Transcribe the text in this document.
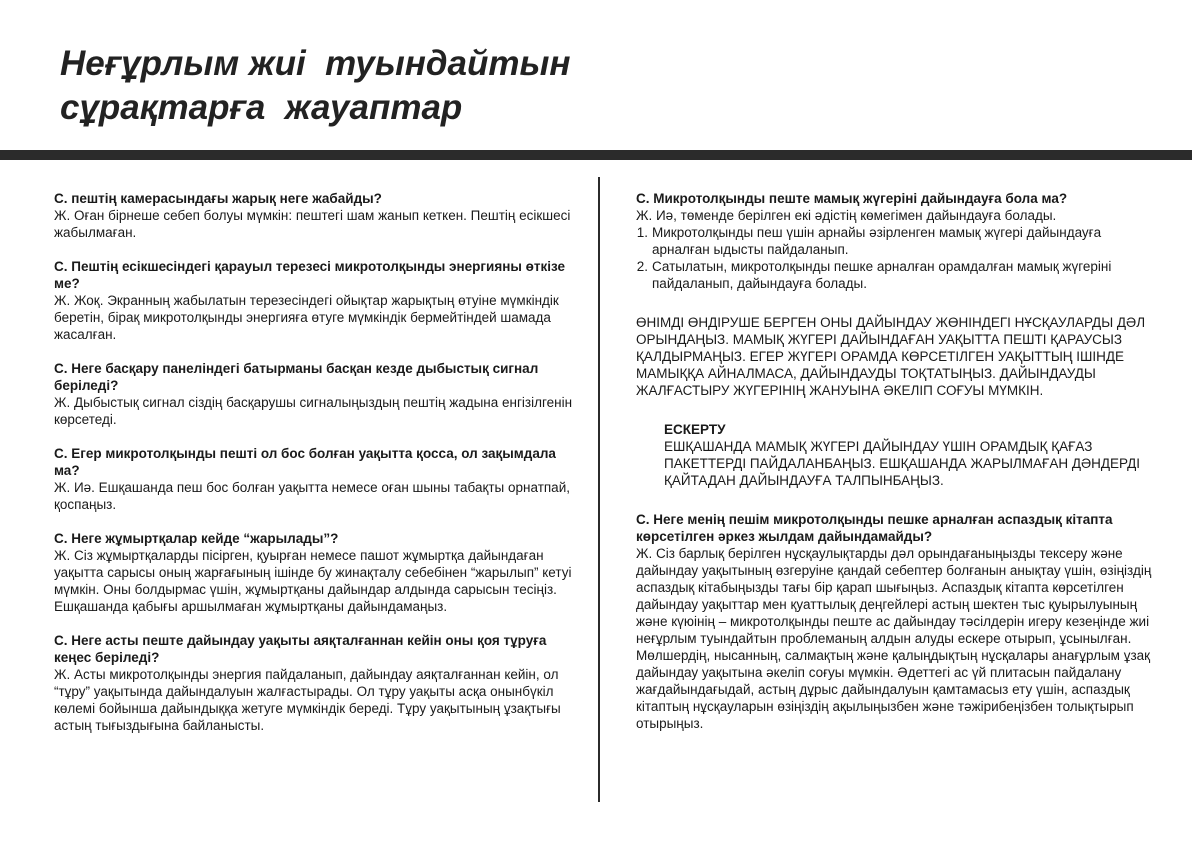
Неғұрлым жиі  туындайтын
сұрақтарға  жауаптар

С. пештің камерасындағы жарық неге жабайды?

Ж. Оған бірнеше себеп болуы мүмкін: пештегі шам жанып кеткен. Пештің есікшесі жабылмаған.

С. Пештің есікшесіндегі қарауыл терезесі микротолқынды энергияны өткізе ме?

Ж. Жоқ. Экранның жабылатын терезесіндегі ойықтар жарықтың өтуіне мүмкіндік беретін, бірақ микротолқынды энергияға өтуге мүмкіндік бермейтіндей шамада жасалған.

С. Неге басқару панеліндегі батырманы басқан кезде дыбыстық сигнал беріледі?

Ж. Дыбыстық сигнал сіздің басқарушы сигналыңыздың пештің жадына енгізілгенін көрсетеді.

С. Егер микротолқынды пешті ол бос болған уақытта қосса, ол зақымдала ма?

Ж. Иә. Ешқашанда пеш бос болған уақытта немесе оған шыны табақты орнатпай, қоспаңыз.

С. Неге жұмыртқалар кейде “жарылады”?

Ж. Сіз жұмыртқаларды пісірген, қуырған немесе пашот жұмыртқа дайындаған уақытта сарысы оның жарғағының ішінде бу жинақталу себебінен “жарылып” кетуі мүмкін. Оны болдырмас үшін, жұмыртқаны дайындар алдында сарысын тесіңіз. Ешқашанда қабығы аршылмаған жұмыртқаны дайындамаңыз.

С. Неге асты пеште дайындау уақыты аяқталғаннан кейін оны қоя тұруға кеңес беріледі?

Ж. Асты микротолқынды энергия пайдаланып, дайындау аяқталғаннан кейін, ол “тұру” уақытында дайындалуын жалғастырады. Ол тұру уақыты асқа онынбүкіл көлемі бойынша дайындыққа жетуге мүмкіндік береді. Тұру уақытының ұзақтығы астың тығыздығына байланысты.

С. Микротолқынды пеште мамық жүгеріні дайындауға бола ма?

Ж. Иә, төменде берілген екі әдістің көмегімен дайындауға болады.

1. Микротолқынды пеш үшін арнайы әзірленген мамық жүгері дайындауға арналған ыдысты пайдаланып.
2. Сатылатын, микротолқынды пешке арналған орамдалған мамық жүгеріні пайдаланып, дайындауға болады.

ӨНІМДІ ӨНДІРУШЕ БЕРГЕН ОНЫ ДАЙЫНДАУ ЖӨНІНДЕГІ НҰСҚАУЛАРДЫ ДӘЛ ОРЫНДАҢЫЗ. МАМЫҚ ЖҮГЕРІ ДАЙЫНДАҒАН УАҚЫТТА ПЕШТІ ҚАРАУСЫЗ ҚАЛДЫРМАҢЫЗ. ЕГЕР ЖҮГЕРІ ОРАМДА КӨРСЕТІЛГЕН УАҚЫТТЫҢ ІШІНДЕ МАМЫҚҚА АЙНАЛМАСА, ДАЙЫНДАУДЫ ТОҚТАТЫҢЫЗ. ДАЙЫНДАУДЫ ЖАЛҒАСТЫРУ ЖҮГЕРІНІҢ ЖАНУЫНА ӘКЕЛІП СОҒУЫ МҮМКІН.

ЕСКЕРТУ

ЕШҚАШАНДА МАМЫҚ ЖҮГЕРІ ДАЙЫНДАУ ҮШІН ОРАМДЫҚ ҚАҒАЗ ПАКЕТТЕРДІ ПАЙДАЛАНБАҢЫЗ. ЕШҚАШАНДА ЖАРЫЛМАҒАН ДӘНДЕРДІ ҚАЙТАДАН ДАЙЫНДАУҒА ТАЛПЫНБАҢЫЗ.

С. Неге менің пешім микротолқынды пешке арналған аспаздық кітапта көрсетілген әркез жылдам дайындамайды?

Ж. Сіз барлық берілген нұсқаулықтарды дәл орындағаныңызды тексеру және дайындау уақытының өзгеруіне қандай себептер болғанын анықтау үшін, өзіңіздің аспаздық кітабыңызды тағы бір қарап шығыңыз. Аспаздық кітапта көрсетілген дайындау уақыттар мен қуаттылық деңгейлері астың шектен тыс қуырылуының және күюінің – микротолқынды пеште ас дайындау тәсілдерін игеру кезеңінде жиі неғұрлым туындайтын проблеманың алдын алуды ескере отырып, ұсынылған. Мөлшердің, нысанның, салмақтың және қалыңдықтың нұсқалары анағұрлым ұзақ дайындау уақытына әкеліп соғуы мүмкін. Әдеттегі ас үй плитасын пайдалану жағдайындағыдай, астың дұрыс дайындалуын қамтамасыз ету үшін, аспаздық кітаптың нұсқауларын өзіңіздің ақылыңызбен және тәжірибеңізбен толықтырып отырыңыз.
